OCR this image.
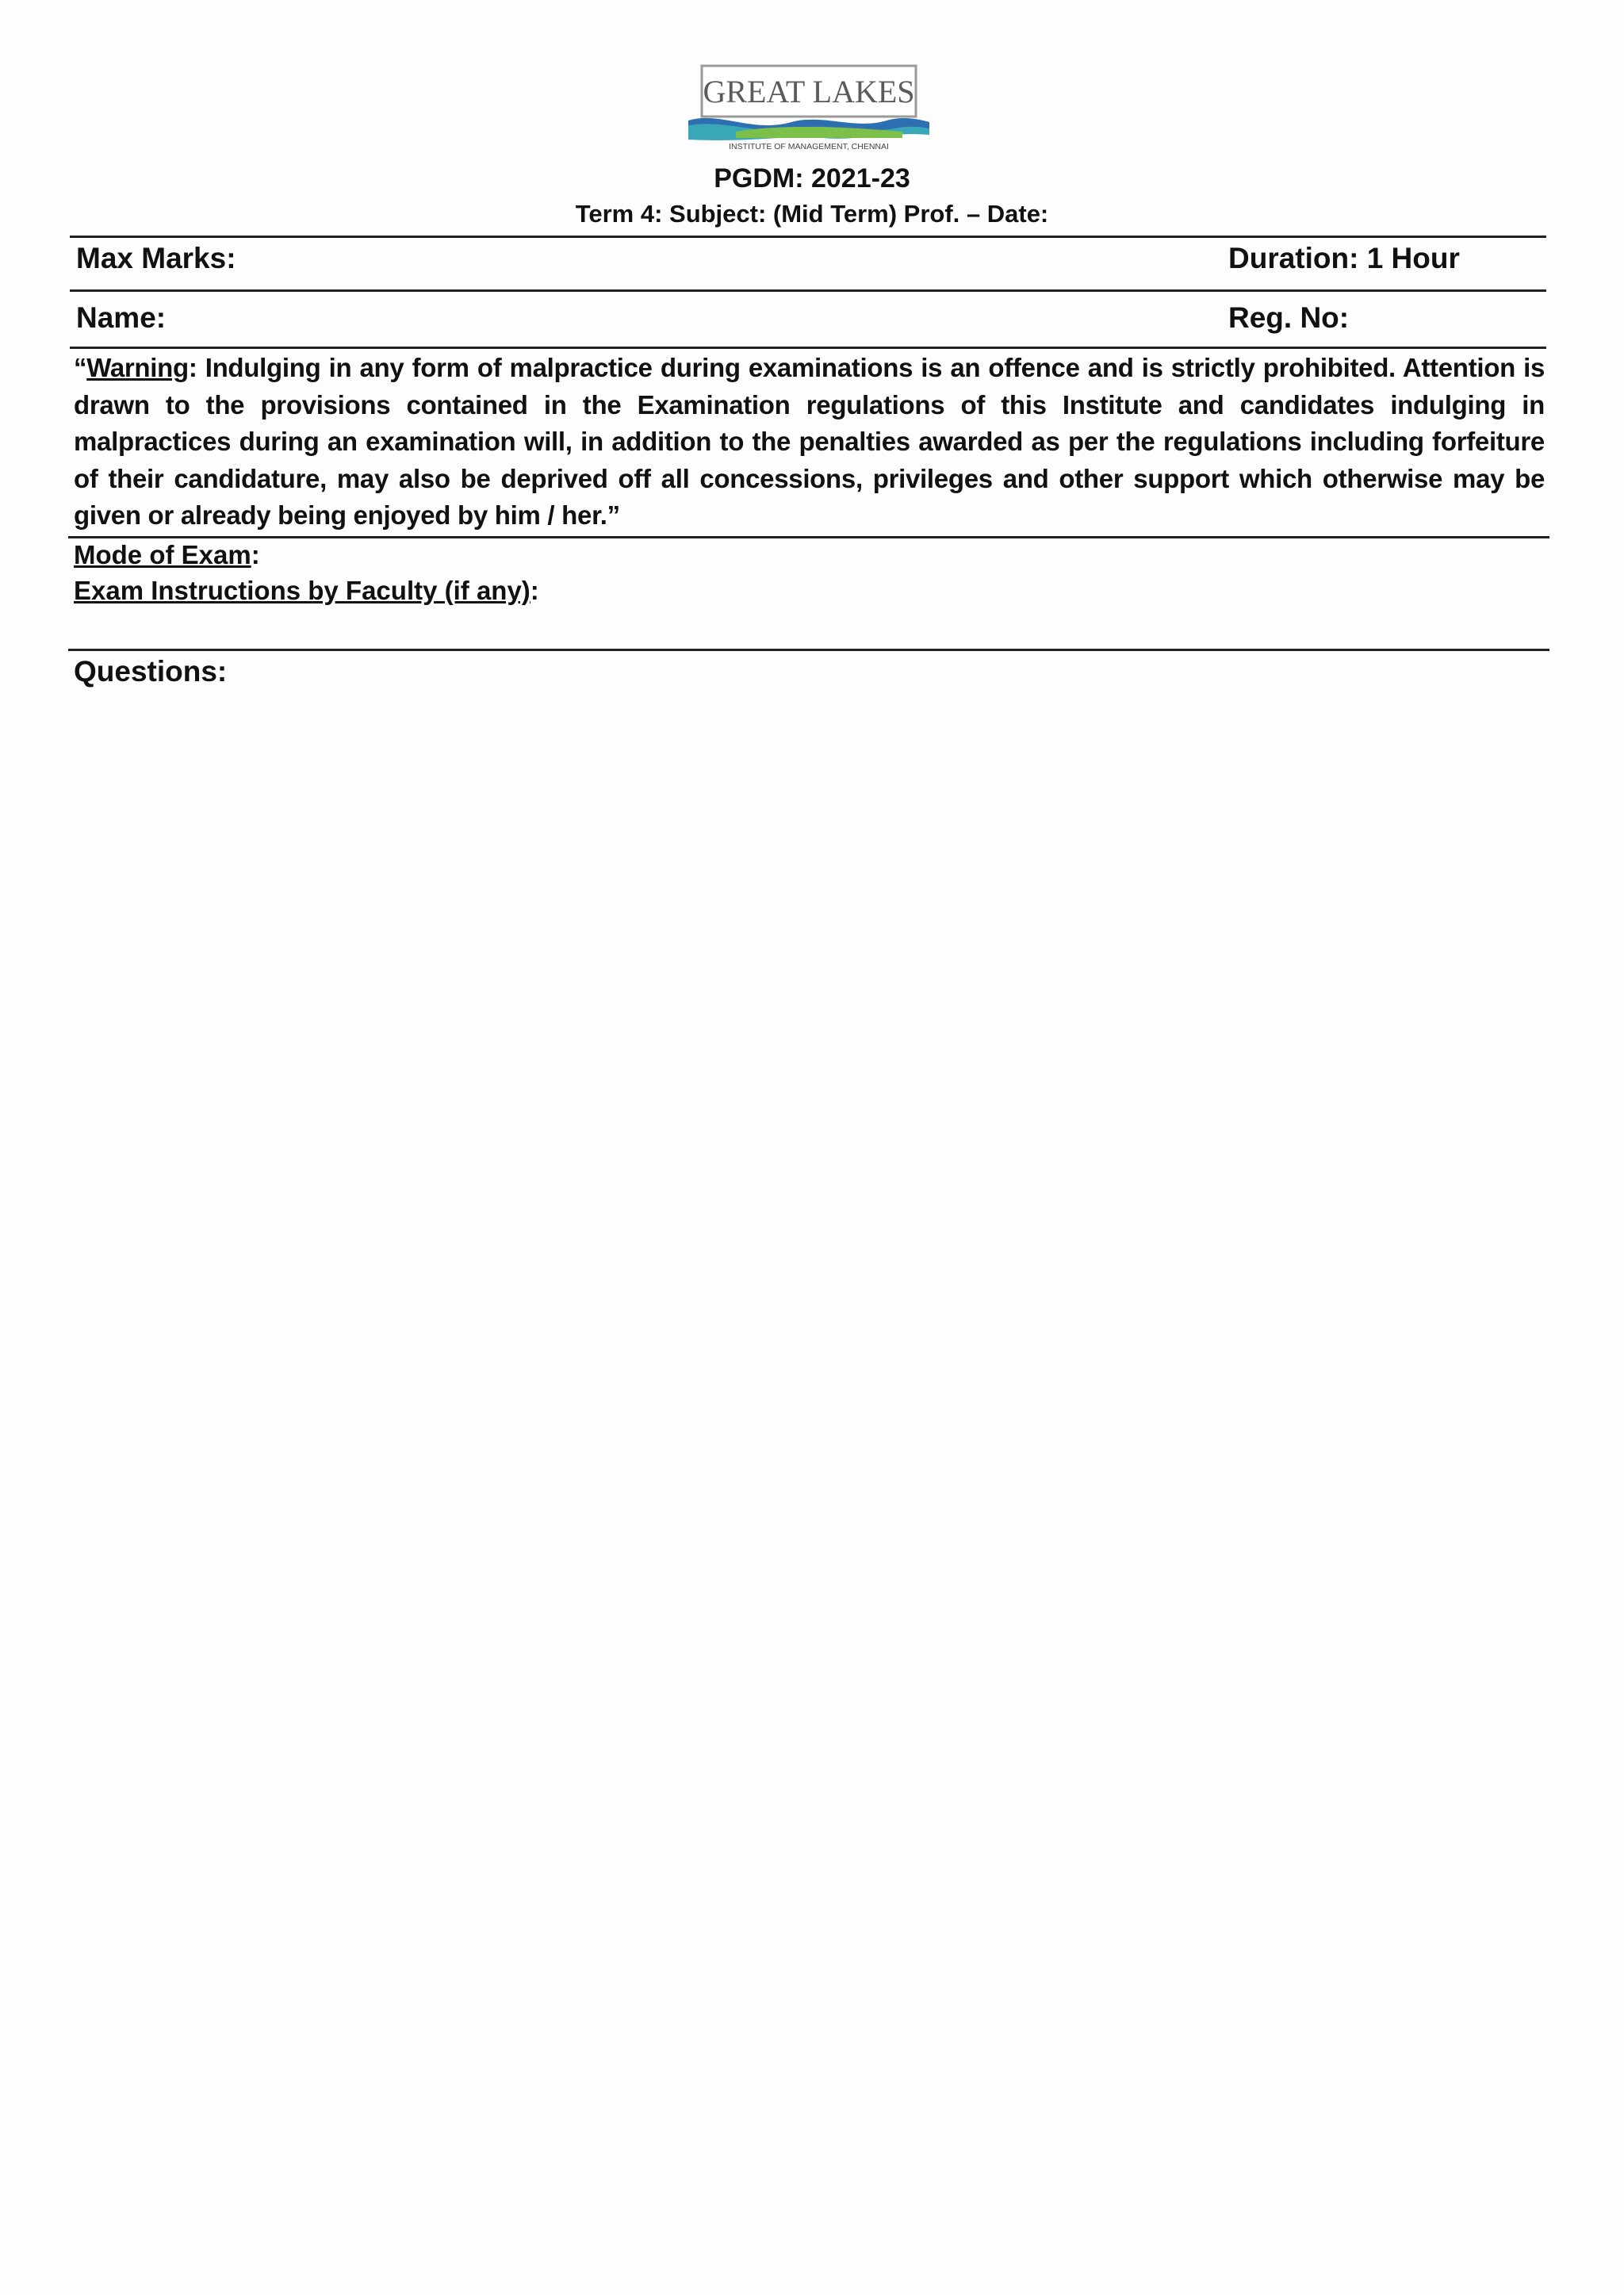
GREAT LAKES
INSTITUTE OF MANAGEMENT, CHENNAI
PGDM: 2021-23
Term 4: Subject: (Mid Term) Prof. – Date:
Max Marks:	Duration: 1 Hour
Name:	Reg. No:
“Warning: Indulging in any form of malpractice during examinations is an offence and is strictly prohibited. Attention is drawn to the provisions contained in the Examination regulations of this Institute and candidates indulging in malpractices during an examination will, in addition to the penalties awarded as per the regulations including forfeiture of their candidature, may also be deprived off all concessions, privileges and other support which otherwise may be given or already being enjoyed by him / her.”
Mode of Exam:
Exam Instructions by Faculty (if any):
Questions:
